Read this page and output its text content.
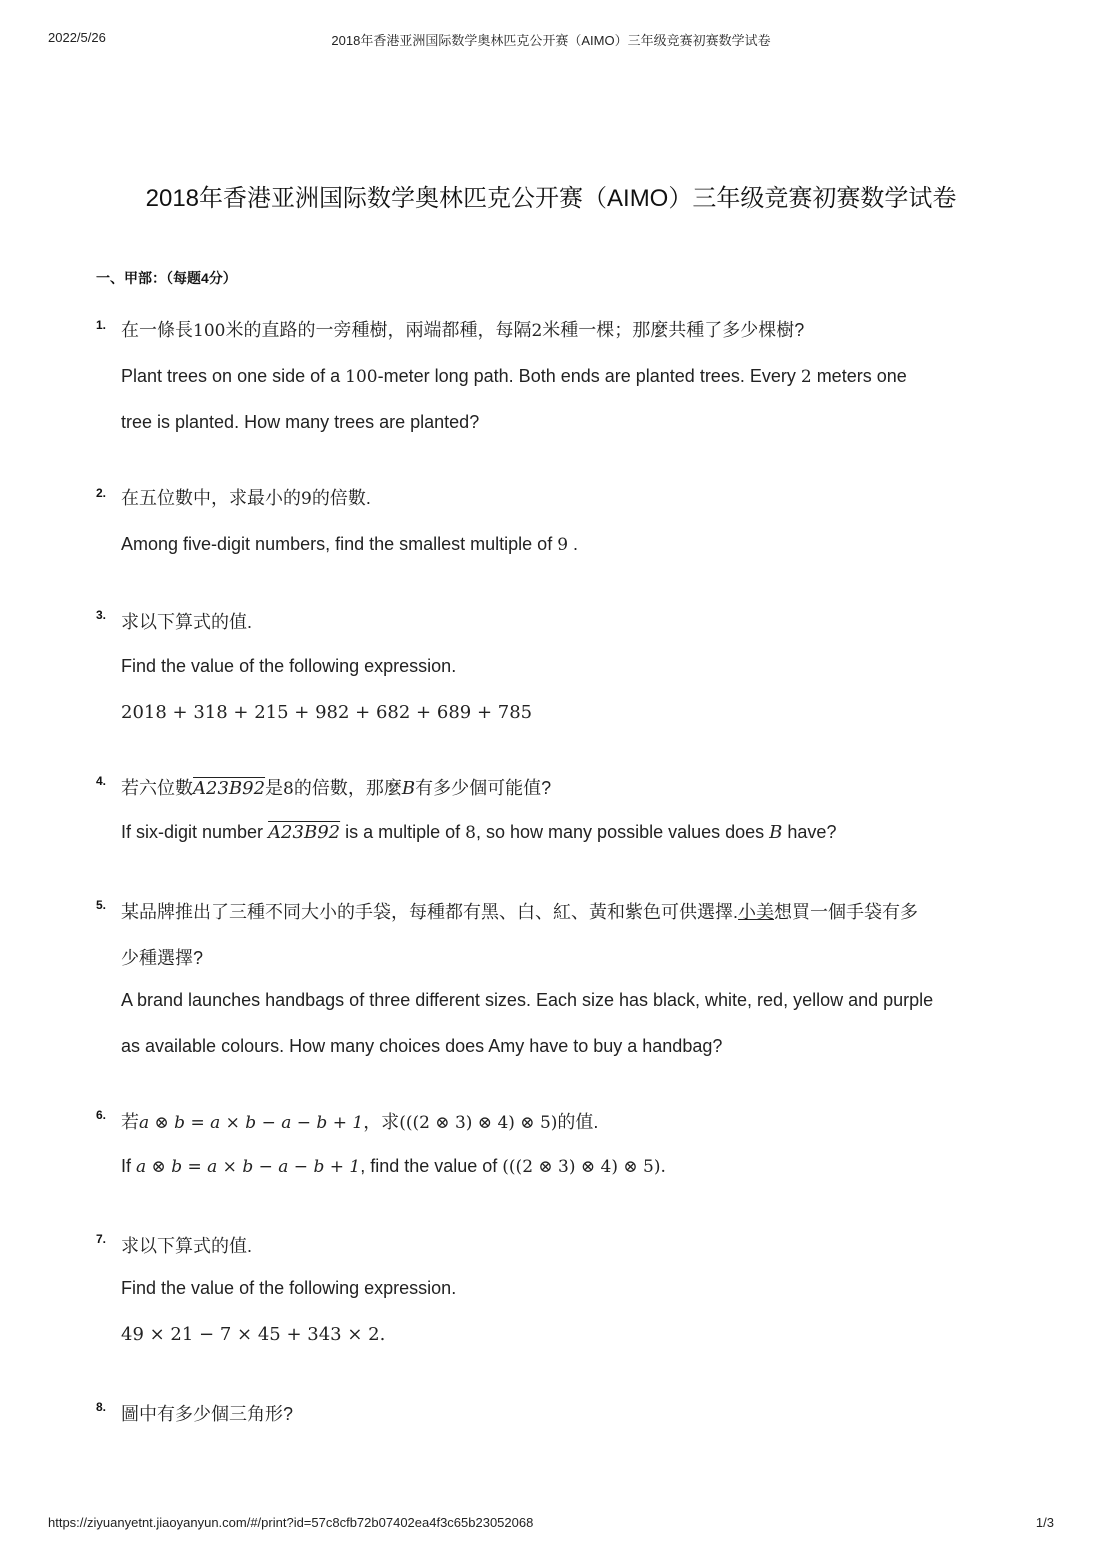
2022/5/26	2018年香港亚洲国际数学奥林匹克公开赛（AIMO）三年级竞赛初赛数学试卷
2018年香港亚洲国际数学奥林匹克公开赛（AIMO）三年级竞赛初赛数学试卷
一、甲部：（每题4分）
1. 在一條長100米的直路的一旁種樹，兩端都種，每隔2米種一棵；那麼共種了多少棵樹?
Plant trees on one side of a 100-meter long path. Both ends are planted trees. Every 2 meters one
tree is planted. How many trees are planted?
2. 在五位數中，求最小的9的倍數.
Among five-digit numbers, find the smallest multiple of 9 .
3. 求以下算式的值.
Find the value of the following expression.
2018 + 318 + 215 + 982 + 682 + 689 + 785
4. 若六位數A23B92是8的倍數，那麼B有多少個可能值?
If six-digit number A23B92 is a multiple of 8, so how many possible values does B have?
5. 某品牌推出了三種不同大小的手袋，每種都有黑、白、紅、黃和紫色可供選擇.小美想買一個手袋有多
少種選擇?
A brand launches handbags of three different sizes. Each size has black, white, red, yellow and purple
as available colours. How many choices does Amy have to buy a handbag?
6. 若a ⊗ b = a × b − a − b + 1，求(((2 ⊗ 3) ⊗ 4) ⊗ 5)的值.
If a ⊗ b = a × b − a − b + 1, find the value of (((2 ⊗ 3) ⊗ 4) ⊗ 5).
7. 求以下算式的值.
Find the value of the following expression.
49 × 21 − 7 × 45 + 343 × 2.
8. 圖中有多少個三角形?
https://ziyuanyetnt.jiaoyanyun.com/#/print?id=57c8cfb72b07402ea4f3c65b23052068	1/3
